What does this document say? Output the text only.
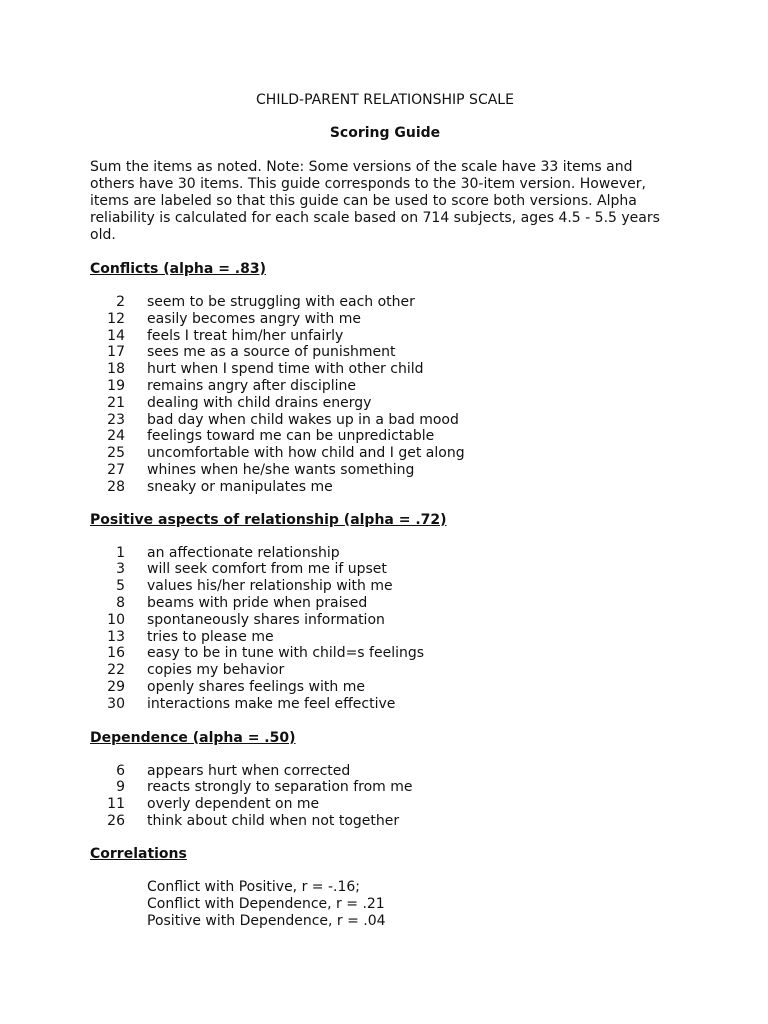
CHILD-PARENT RELATIONSHIP SCALE
Scoring Guide

Sum the items as noted. Note: Some versions of the scale have 33 items and others have 30 items. This guide corresponds to the 30-item version. However, items are labeled so that this guide can be used to score both versions. Alpha reliability is calculated for each scale based on 714 subjects, ages 4.5 - 5.5 years old.

Conflicts (alpha = .83)
2 seem to be struggling with each other
12 easily becomes angry with me
14 feels I treat him/her unfairly
17 sees me as a source of punishment
18 hurt when I spend time with other child
19 remains angry after discipline
21 dealing with child drains energy
23 bad day when child wakes up in a bad mood
24 feelings toward me can be unpredictable
25 uncomfortable with how child and I get along
27 whines when he/she wants something
28 sneaky or manipulates me
Positive aspects of relationship (alpha = .72)
1 an affectionate relationship
3 will seek comfort from me if upset
5 values his/her relationship with me
8 beams with pride when praised
10 spontaneously shares information
13 tries to please me
16 easy to be in tune with child=s feelings
22 copies my behavior
29 openly shares feelings with me
30 interactions make me feel effective
Dependence (alpha = .50)
6 appears hurt when corrected
9 reacts strongly to separation from me
11 overly dependent on me
26 think about child when not together
Correlations
Conflict with Positive, r = -.16;
Conflict with Dependence, r = .21
Positive with Dependence, r = .04
